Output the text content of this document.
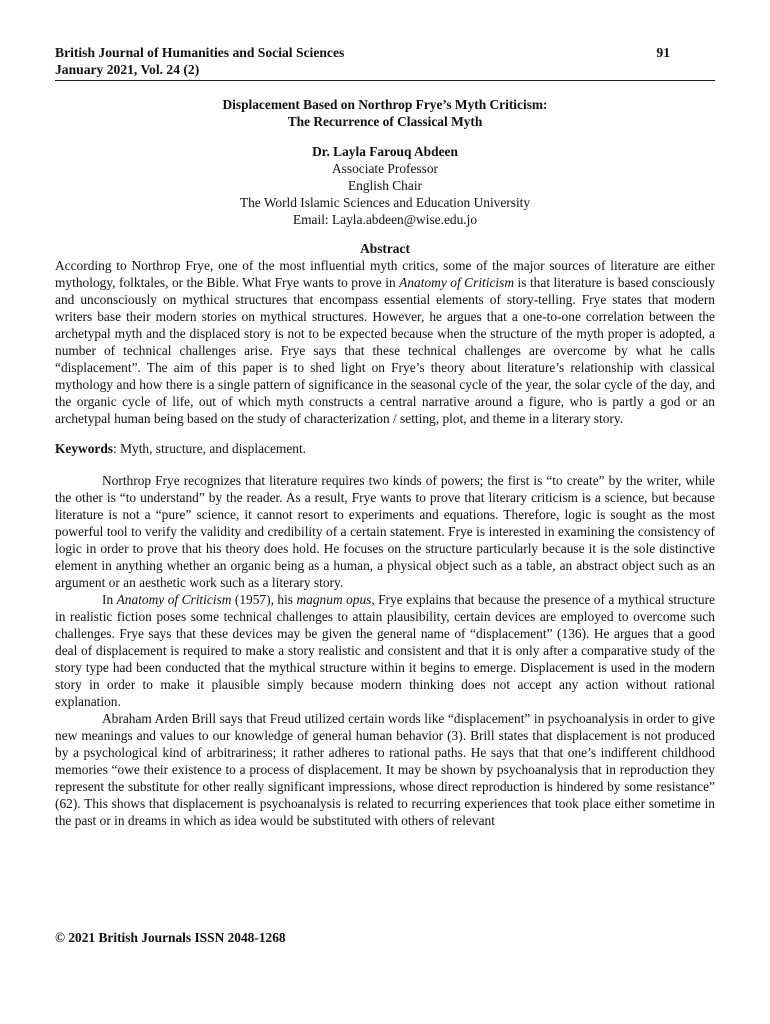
British Journal of Humanities and Social Sciences	91
January 2021, Vol. 24 (2)
Displacement Based on Northrop Frye’s Myth Criticism:
The Recurrence of Classical Myth
Dr. Layla Farouq Abdeen
Associate Professor
English Chair
The World Islamic Sciences and Education University
Email: Layla.abdeen@wise.edu.jo
Abstract

According to Northrop Frye, one of the most influential myth critics, some of the major sources of literature are either mythology, folktales, or the Bible. What Frye wants to prove in Anatomy of Criticism is that literature is based consciously and unconsciously on mythical structures that encompass essential elements of story-telling. Frye states that modern writers base their modern stories on mythical structures. However, he argues that a one-to-one correlation between the archetypal myth and the displaced story is not to be expected because when the structure of the myth proper is adopted, a number of technical challenges arise. Frye says that these technical challenges are overcome by what he calls “displacement”. The aim of this paper is to shed light on Frye’s theory about literature’s relationship with classical mythology and how there is a single pattern of significance in the seasonal cycle of the year, the solar cycle of the day, and the organic cycle of life, out of which myth constructs a central narrative around a figure, who is partly a god or an archetypal human being based on the study of characterization / setting, plot, and theme in a literary story.

Keywords: Myth, structure, and displacement.

Northrop Frye recognizes that literature requires two kinds of powers; the first is “to create” by the writer, while the other is “to understand” by the reader. As a result, Frye wants to prove that literary criticism is a science, but because literature is not a “pure” science, it cannot resort to experiments and equations. Therefore, logic is sought as the most powerful tool to verify the validity and credibility of a certain statement. Frye is interested in examining the consistency of logic in order to prove that his theory does hold. He focuses on the structure particularly because it is the sole distinctive element in anything whether an organic being as a human, a physical object such as a table, an abstract object such as an argument or an aesthetic work such as a literary story.

In Anatomy of Criticism (1957), his magnum opus, Frye explains that because the presence of a mythical structure in realistic fiction poses some technical challenges to attain plausibility, certain devices are employed to overcome such challenges. Frye says that these devices may be given the general name of “displacement” (136). He argues that a good deal of displacement is required to make a story realistic and consistent and that it is only after a comparative study of the story type had been conducted that the mythical structure within it begins to emerge. Displacement is used in the modern story in order to make it plausible simply because modern thinking does not accept any action without rational explanation.

Abraham Arden Brill says that Freud utilized certain words like “displacement” in psychoanalysis in order to give new meanings and values to our knowledge of general human behavior (3). Brill states that displacement is not produced by a psychological kind of arbitrariness; it rather adheres to rational paths. He says that that one’s indifferent childhood memories “owe their existence to a process of displacement. It may be shown by psychoanalysis that in reproduction they represent the substitute for other really significant impressions, whose direct reproduction is hindered by some resistance” (62). This shows that displacement is psychoanalysis is related to recurring experiences that took place either sometime in the past or in dreams in which as idea would be substituted with others of relevant

© 2021 British Journals ISSN 2048-1268
